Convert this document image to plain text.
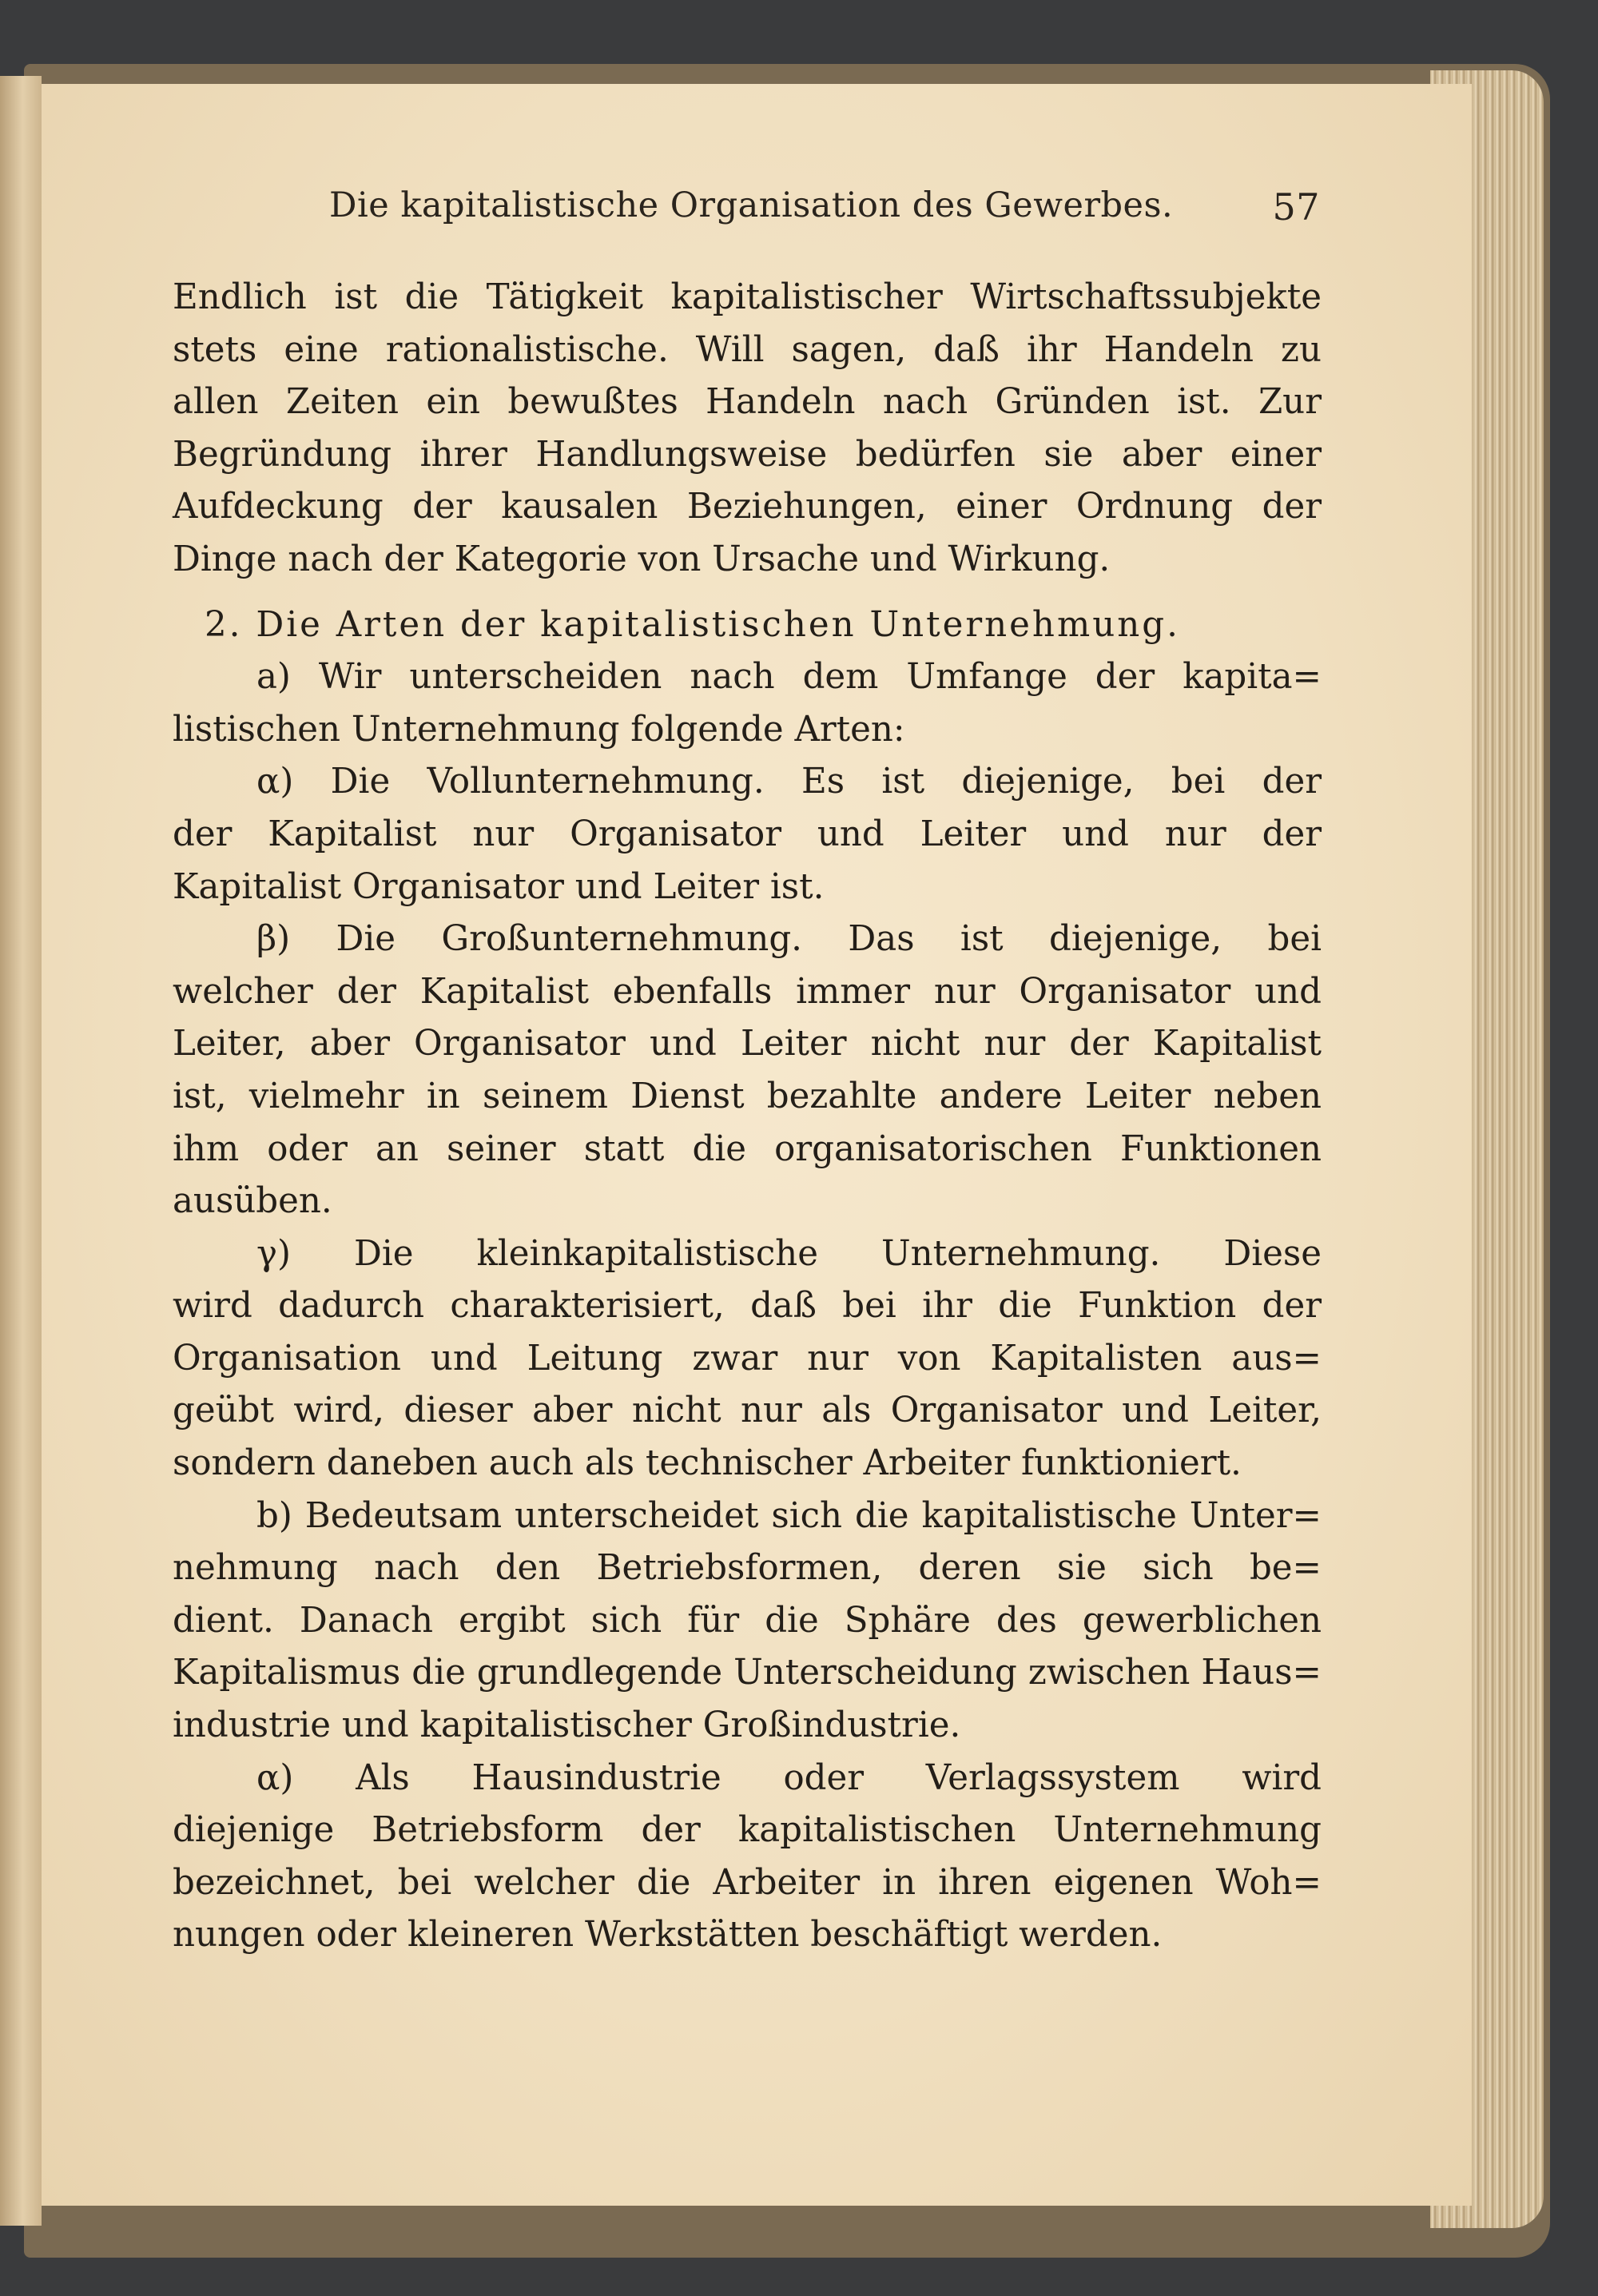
Die kapitalistische Organisation des Gewerbes.	57
Endlich ist die Tätigkeit kapitalistischer Wirtschaftssubjekte
stets eine rationalistische. Will sagen, daß ihr Handeln zu
allen Zeiten ein bewußtes Handeln nach Gründen ist. Zur
Begründung ihrer Handlungsweise bedürfen sie aber einer
Aufdeckung der kausalen Beziehungen, einer Ordnung der
Dinge nach der Kategorie von Ursache und Wirkung.
2. Die Arten der kapitalistischen Unternehmung.
a) Wir unterscheiden nach dem Umfange der kapita=
listischen Unternehmung folgende Arten:
α) Die Vollunternehmung. Es ist diejenige, bei der
der Kapitalist nur Organisator und Leiter und nur der
Kapitalist Organisator und Leiter ist.
β) Die Großunternehmung. Das ist diejenige, bei
welcher der Kapitalist ebenfalls immer nur Organisator und
Leiter, aber Organisator und Leiter nicht nur der Kapitalist
ist, vielmehr in seinem Dienst bezahlte andere Leiter neben
ihm oder an seiner statt die organisatorischen Funktionen
ausüben.
γ) Die kleinkapitalistische Unternehmung. Diese
wird dadurch charakterisiert, daß bei ihr die Funktion der
Organisation und Leitung zwar nur von Kapitalisten aus=
geübt wird, dieser aber nicht nur als Organisator und Leiter,
sondern daneben auch als technischer Arbeiter funktioniert.
b) Bedeutsam unterscheidet sich die kapitalistische Unter=
nehmung nach den Betriebsformen, deren sie sich be=
dient. Danach ergibt sich für die Sphäre des gewerblichen
Kapitalismus die grundlegende Unterscheidung zwischen Haus=
industrie und kapitalistischer Großindustrie.
α) Als Hausindustrie oder Verlagssystem wird
diejenige Betriebsform der kapitalistischen Unternehmung
bezeichnet, bei welcher die Arbeiter in ihren eigenen Woh=
nungen oder kleineren Werkstätten beschäftigt werden.
